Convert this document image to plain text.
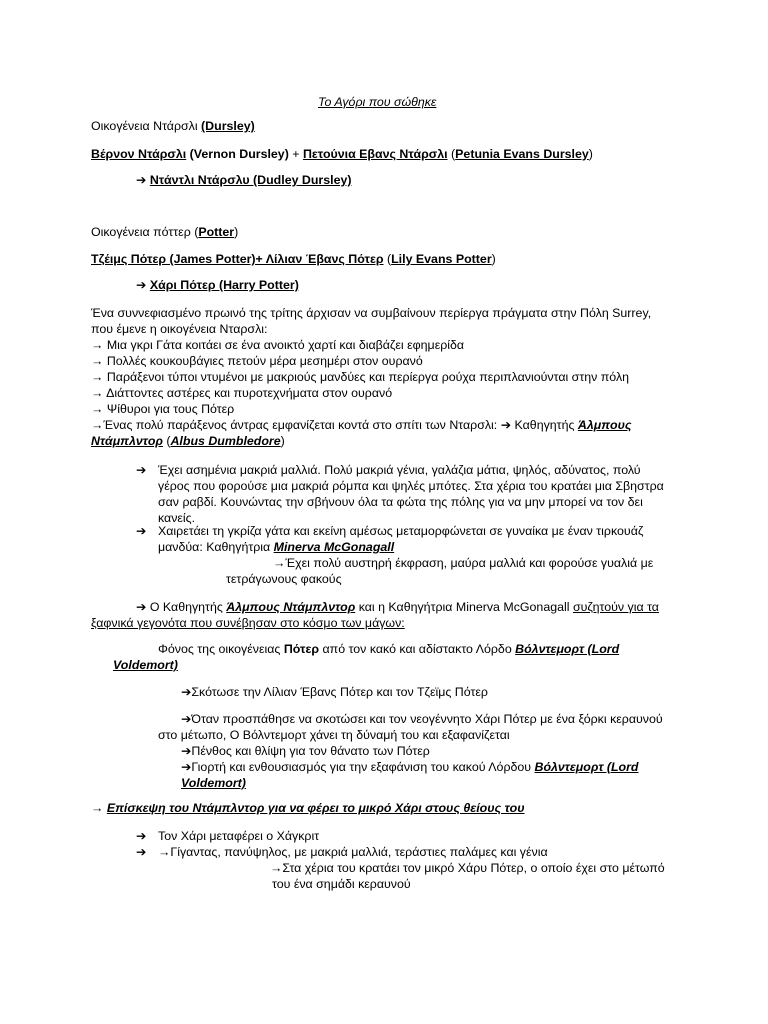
Το Αγόρι που σώθηκε
Οικογένεια Ντάρσλι (Dursley)
Βέρνον Ντάρσλι (Vernon Dursley) + Πετούνια Εβανς Ντάρσλι (Petunia Evans Dursley)
➔ Ντάντλι Ντάρσλυ (Dudley Dursley)
Οικογένεια πόττερ (Potter)
Τζέιμς Πότερ (James Potter)+ Λίλιαν Έβανς Πότερ (Lily Evans Potter)
➔ Χάρι Πότερ (Harry Potter)
Ένα συννεφιασμένο πρωινό της τρίτης άρχισαν να συμβαίνουν περίεργα πράγματα στην Πόλη Surrey,
που έμενε η οικογένεια Νταρσλι:
→ Μια γκρι Γάτα κοιτάει σε ένα ανοικτό χαρτί και διαβάζει εφημερίδα
→ Πολλές κουκουβάγιες πετούν μέρα μεσημέρι στον ουρανό
→ Παράξενοι τύποι ντυμένοι με μακριούς μανδύες και περίεργα ρούχα περιπλανιούνται στην πόλη
→ Διάττοντες αστέρες και πυροτεχνήματα στον ουρανό
→ Ψίθυροι για τους Πότερ
→Ένας πολύ παράξενος άντρας εμφανίζεται κοντά στο σπίτι των Νταρσλι: ➔ Καθηγητής Άλμπους
Ντάμπλντορ (Albus Dumbledore)
➔ Έχει ασημένια μακριά μαλλιά. Πολύ μακριά γένια, γαλάζια μάτια, ψηλός, αδύνατος, πολύ
γέρος που φορούσε μια μακριά ρόμπα και ψηλές μπότες. Στα χέρια του κρατάει μια Σβηστρα
σαν ραβδί. Κουνώντας την σβήνουν όλα τα φώτα της πόλης για να μην μπορεί να τον δει
κανείς.
➔ Χαιρετάει τη γκρίζα γάτα και εκείνη αμέσως μεταμορφώνεται σε γυναίκα με έναν τιρκουάζ
μανδύα: Καθηγήτρια Minerva McGonagall
→Έχει πολύ αυστηρή έκφραση, μαύρα μαλλιά και φορούσε γυαλιά με
τετράγωνους φακούς
➔ Ο Καθηγητής Άλμπους Ντάμπλντορ και η Καθηγήτρια Minerva McGonagall συζητούν για τα
ξαφνικά γεγονότα που συνέβησαν στο κόσμο των μάγων:
Φόνος της οικογένειας Πότερ από τον κακό και αδίστακτο Λόρδο Βόλντεμορτ (Lord
Voldemort)
➔Σκότωσε την Λίλιαν Έβανς Πότερ και τον Τζεϊμς Πότερ
➔Όταν προσπάθησε να σκοτώσει και τον νεογέννητο Χάρι Πότερ με ένα ξόρκι κεραυνού
στο μέτωπο, Ο Βόλντεμορτ χάνει τη δύναμή του και εξαφανίζεται
➔Πένθος και θλίψη για τον θάνατο των Πότερ
➔Γιορτή και ενθουσιασμός για την εξαφάνιση του κακού Λόρδου Βόλντεμορτ (Lord
Voldemort)
→ Επίσκεψη του Ντάμπλντορ για να φέρει το μικρό Χάρι στους θείους του
➔ Τον Χάρι μεταφέρει ο Χάγκριτ
➔ →Γίγαντας, πανύψηλος, με μακριά μαλλιά, τεράστιες παλάμες και γένια
→Στα χέρια του κρατάει τον μικρό Χάρυ Πότερ, ο οποίο έχει στο μέτωπό
του ένα σημάδι κεραυνού
